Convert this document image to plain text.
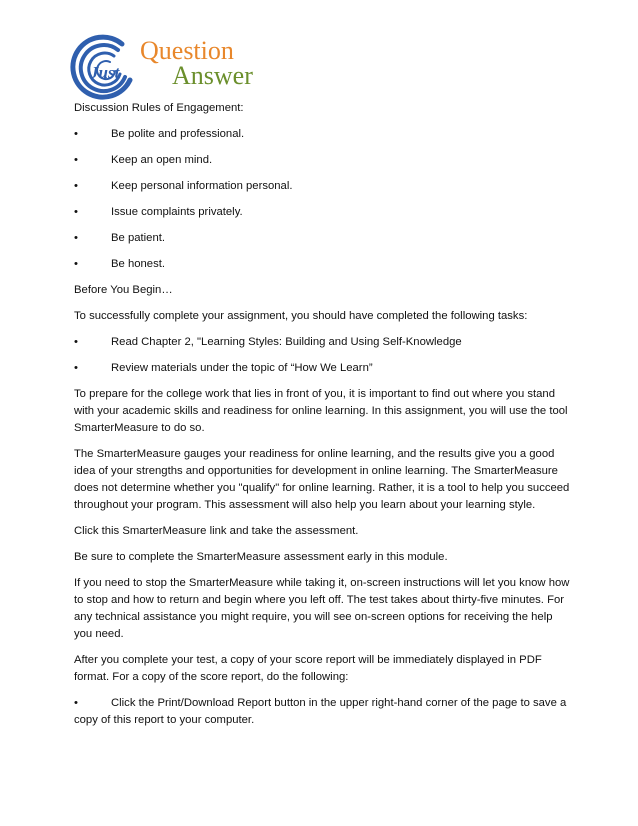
Just
Question
Answer

Discussion Rules of Engagement:

•	Be polite and professional.
•	Keep an open mind.
•	Keep personal information personal.
•	Issue complaints privately.
•	Be patient.
•	Be honest.

Before You Begin…

To successfully complete your assignment, you should have completed the following tasks:

•	Read Chapter 2, "Learning Styles: Building and Using Self-Knowledge
•	Review materials under the topic of “How We Learn”

To prepare for the college work that lies in front of you, it is important to find out where you stand with your academic skills and readiness for online learning. In this assignment, you will use the tool SmarterMeasure to do so.

The SmarterMeasure gauges your readiness for online learning, and the results give you a good idea of your strengths and opportunities for development in online learning. The SmarterMeasure does not determine whether you "qualify" for online learning. Rather, it is a tool to help you succeed throughout your program. This assessment will also help you learn about your learning style.

Click this SmarterMeasure link and take the assessment.

Be sure to complete the SmarterMeasure assessment early in this module.

If you need to stop the SmarterMeasure while taking it, on-screen instructions will let you know how to stop and how to return and begin where you left off. The test takes about thirty-five minutes. For any technical assistance you might require, you will see on-screen options for receiving the help you need.

After you complete your test, a copy of your score report will be immediately displayed in PDF format. For a copy of the score report, do the following:

•	Click the Print/Download Report button in the upper right-hand corner of the page to save a copy of this report to your computer.
